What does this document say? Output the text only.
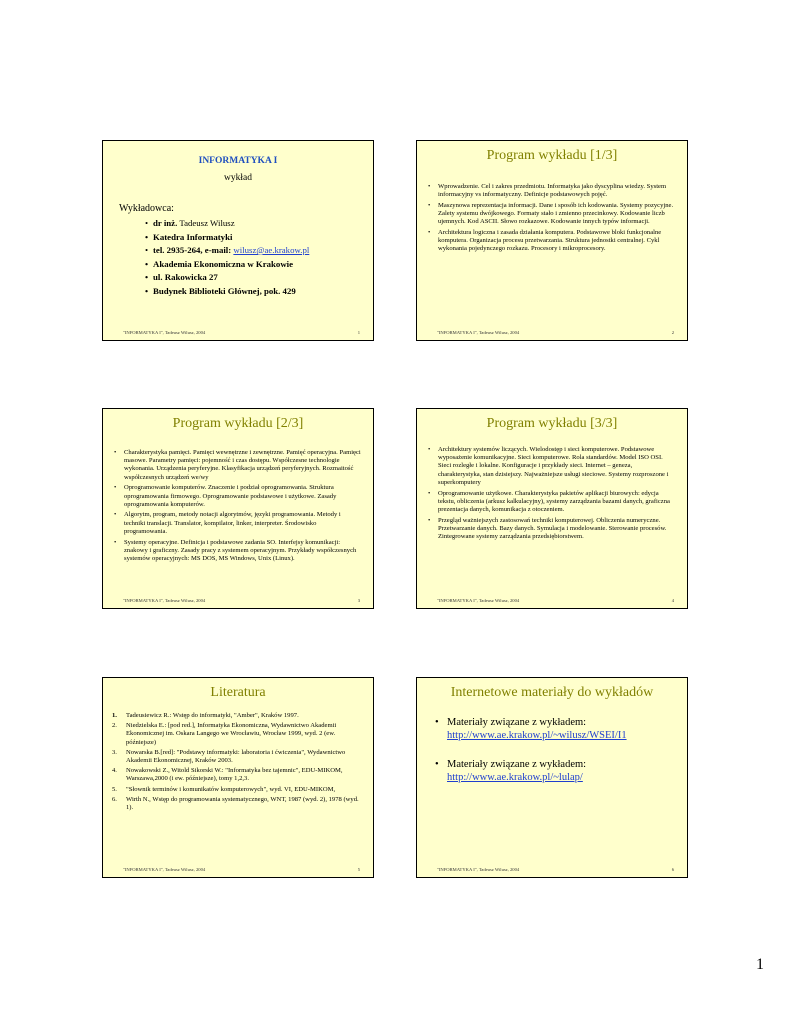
INFORMATYKA I
wykład
Wykładowca:
• dr inż. Tadeusz Wilusz
• Katedra Informatyki
• tel. 2935-264, e-mail: wilusz@ae.krakow.pl
• Akademia Ekonomiczna w Krakowie
• ul. Rakowicka 27
• Budynek Biblioteki Głównej, pok. 429
"INFORMATYKA I", Tadeusz Wilusz, 2004	1
Program wykładu [1/3]
• Wprowadzenie. Cel i zakres przedmiotu. Informatyka jako dyscyplina wiedzy. System informacyjny vs informatyczny. Definicje podstawowych pojęć.
• Maszynowa reprezentacja informacji. Dane i sposób ich kodowania. Systemy pozycyjne. Zalety systemu dwójkowego. Formaty stało i zmienno przecinkowy. Kodowanie liczb ujemnych. Kod ASCII. Słowo rozkazowe. Kodowanie innych typów informacji.
• Architektura logiczna i zasada działania komputera. Podstawowe bloki funkcjonalne komputera. Organizacja procesu przetwarzania. Struktura jednostki centralnej. Cykl wykonania pojedynczego rozkazu. Procesory i mikroprocesory.
"INFORMATYKA I", Tadeusz Wilusz, 2004	2
Program wykładu [2/3]
• Charakterystyka pamięci. Pamięci wewnętrzne i zewnętrzne. Pamięć operacyjna. Pamięci masowe. Parametry pamięci: pojemność i czas dostępu. Współczesne technologie wykonania. Urządzenia peryferyjne. Klasyfikacja urządzeń peryferyjnych. Rozmaitość współczesnych urządzeń we/wy
• Oprogramowanie komputerów. Znaczenie i podział oprogramowania. Struktura oprogramowania firmowego. Oprogramowanie podstawowe i użytkowe. Zasady oprogramowania komputerów.
• Algorytm, program, metody notacji algorytmów, języki programowania. Metody i techniki translacji. Translator, kompilator, linker, interpreter. Środowisko programowania.
• Systemy operacyjne. Definicja i podstawowe zadania SO. Interfejsy komunikacji: znakowy i graficzny. Zasady pracy z systemem operacyjnym. Przykłady współczesnych systemów operacyjnych: MS DOS, MS Windows, Unix (Linux).
"INFORMATYKA I", Tadeusz Wilusz, 2004	3
Program wykładu [3/3]
• Architektury systemów liczących. Wielodostęp i sieci komputerowe. Podstawowe wyposażenie komunikacyjne. Sieci komputerowe. Rola standardów. Model ISO OSI. Sieci rozległe i lokalne. Konfiguracje i przykłady sieci. Internet – geneza, charakterystyka, stan dzisiejszy. Najważniejsze usługi sieciowe. Systemy rozproszone i superkomputery
• Oprogramowanie użytkowe. Charakterystyka pakietów aplikacji biurowych: edycja tekstu, obliczenia (arkusz kalkulacyjny), systemy zarządzania bazami danych, graficzna prezentacja danych, komunikacja z otoczeniem.
• Przegląd ważniejszych zastosowań techniki komputerowej. Obliczenia numeryczne. Przetwarzanie danych. Bazy danych. Symulacja i modelowanie. Sterowanie procesów. Zintegrowane systemy zarządzania przedsiębiorstwem.
"INFORMATYKA I", Tadeusz Wilusz, 2004	4
Literatura
1. Tadeusiewicz R.: Wstęp do informatyki, "Amber", Kraków 1997.
2. Niedzielska E.: [pod red.], Informatyka Ekonomiczna, Wydawnictwo Akademii Ekonomicznej im. Oskara Langego we Wrocławiu, Wrocław 1999, wyd. 2 (ew. późniejsze)
3. Nowarska B.[red]: "Podstawy informatyki: laboratoria i ćwiczenia", Wydawnictwo Akademii Ekonomicznej, Kraków 2003.
4. Nowakowski Z., Witold Sikorski W.: "Informatyka bez tajemnic", EDU-MIKOM, Warszawa,2000 (i ew. późniejsze), tomy 1,2,3.
5. "Słownik terminów i komunikatów komputerowych", wyd. VI, EDU-MIKOM,
6. Wirth N., Wstęp do programowania systematycznego, WNT, 1987 (wyd. 2), 1978 (wyd. 1).
"INFORMATYKA I", Tadeusz Wilusz, 2004	5
Internetowe materiały do wykładów
• Materiały związane z wykładem:
http://www.ae.krakow.pl/~wilusz/WSEI/I1
• Materiały związane z wykładem:
http://www.ae.krakow.pl/~lulap/
"INFORMATYKA I", Tadeusz Wilusz, 2004	6
1
